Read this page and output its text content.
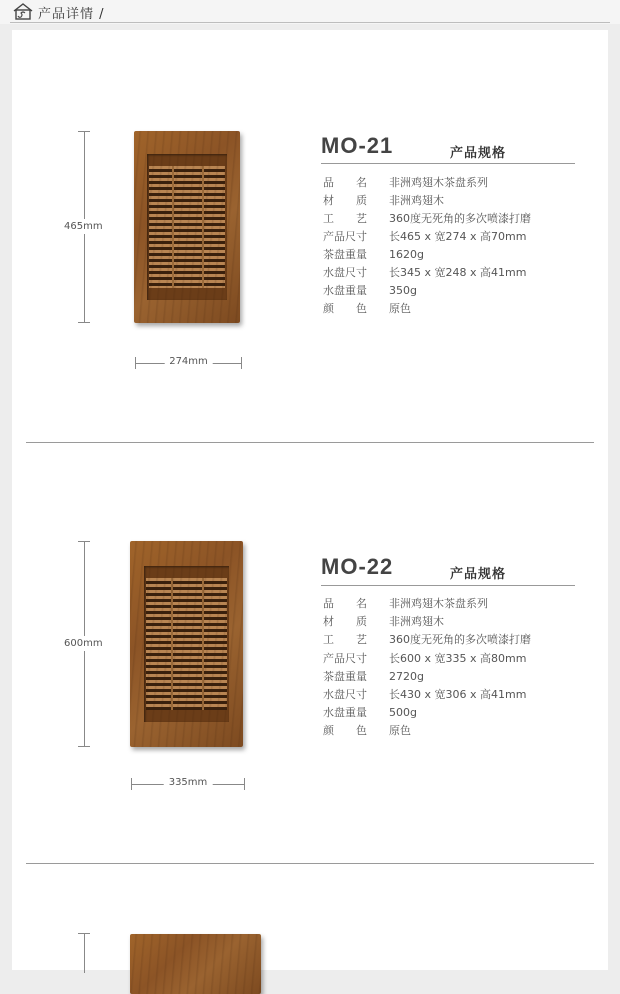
产品详情 /
465mm
274mm
MO-21	产品规格
品　　名 非洲鸡翅木茶盘系列
材　　质 非洲鸡翅木
工　　艺 360度无死角的多次喷漆打磨
产品尺寸 长465 x 宽274 x 高70mm
茶盘重量 1620g
水盘尺寸 长345 x 宽248 x 高41mm
水盘重量 350g
颜　　色 原色
600mm
335mm
MO-22	产品规格
品　　名 非洲鸡翅木茶盘系列
材　　质 非洲鸡翅木
工　　艺 360度无死角的多次喷漆打磨
产品尺寸 长600 x 宽335 x 高80mm
茶盘重量 2720g
水盘尺寸 长430 x 宽306 x 高41mm
水盘重量 500g
颜　　色 原色
